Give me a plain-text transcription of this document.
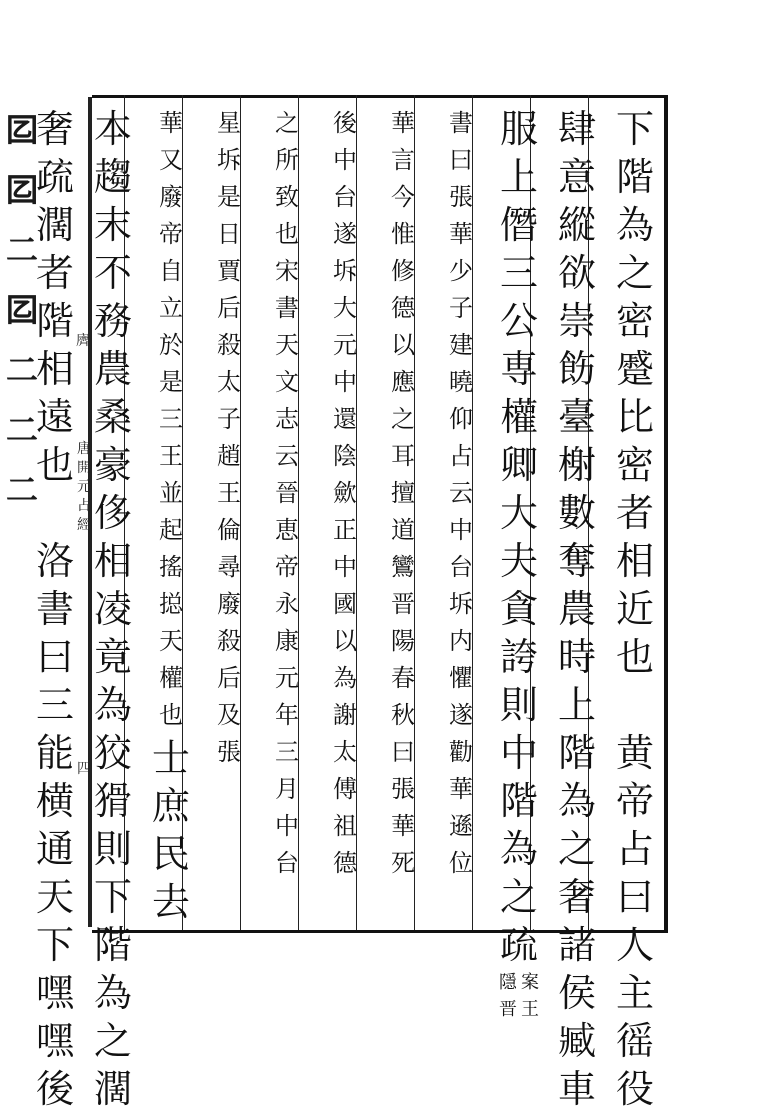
𡆠
𡆠
二
𡆠
二
二
二
𪗆
唐
開
元
占
經
四
下
階
為
之
密
蹙
比
密
者
相
近
也
黄
帝
占
曰
人
主
徭
役
肆
意
縱
欲
崇
飭
臺
榭
數
奪
農
時
上
階
為
之
奢
諸
侯
臧
車
服
上
僭
三
公
専
權
卿
大
夫
貪
誇
則
中
階
為
之
疏
案
王
隱
晋
書
曰
張
華
少
子
建
曉
仰
占
云
中
台
坼
内
懼
遂
勸
華
遜
位
華
言
今
惟
修
德
以
應
之
耳
擅
道
鸞
晋
陽
春
秋
曰
張
華
死
後
中
台
遂
坼
大
元
中
還
陰
歛
正
中
國
以
為
謝
太
傅
祖
德
之
所
致
也
宋
書
天
文
志
云
晉
恵
帝
永
康
元
年
三
月
中
台
星
坼
是
日
賈
后
殺
太
子
趙
王
倫
尋
廢
殺
后
及
張
華
又
廢
帝
自
立
於
是
三
王
並
起
搖
搃
天
權
也
士
庶
民
去
本
趨
末
不
務
農
桑
豪
侈
相
凌
竟
為
狡
猾
則
下
階
為
之
濶
奢
疏
濶
者
階
相
遠
也
洛
書
曰
三
能
横
通
天
下
嘿
嘿
後
